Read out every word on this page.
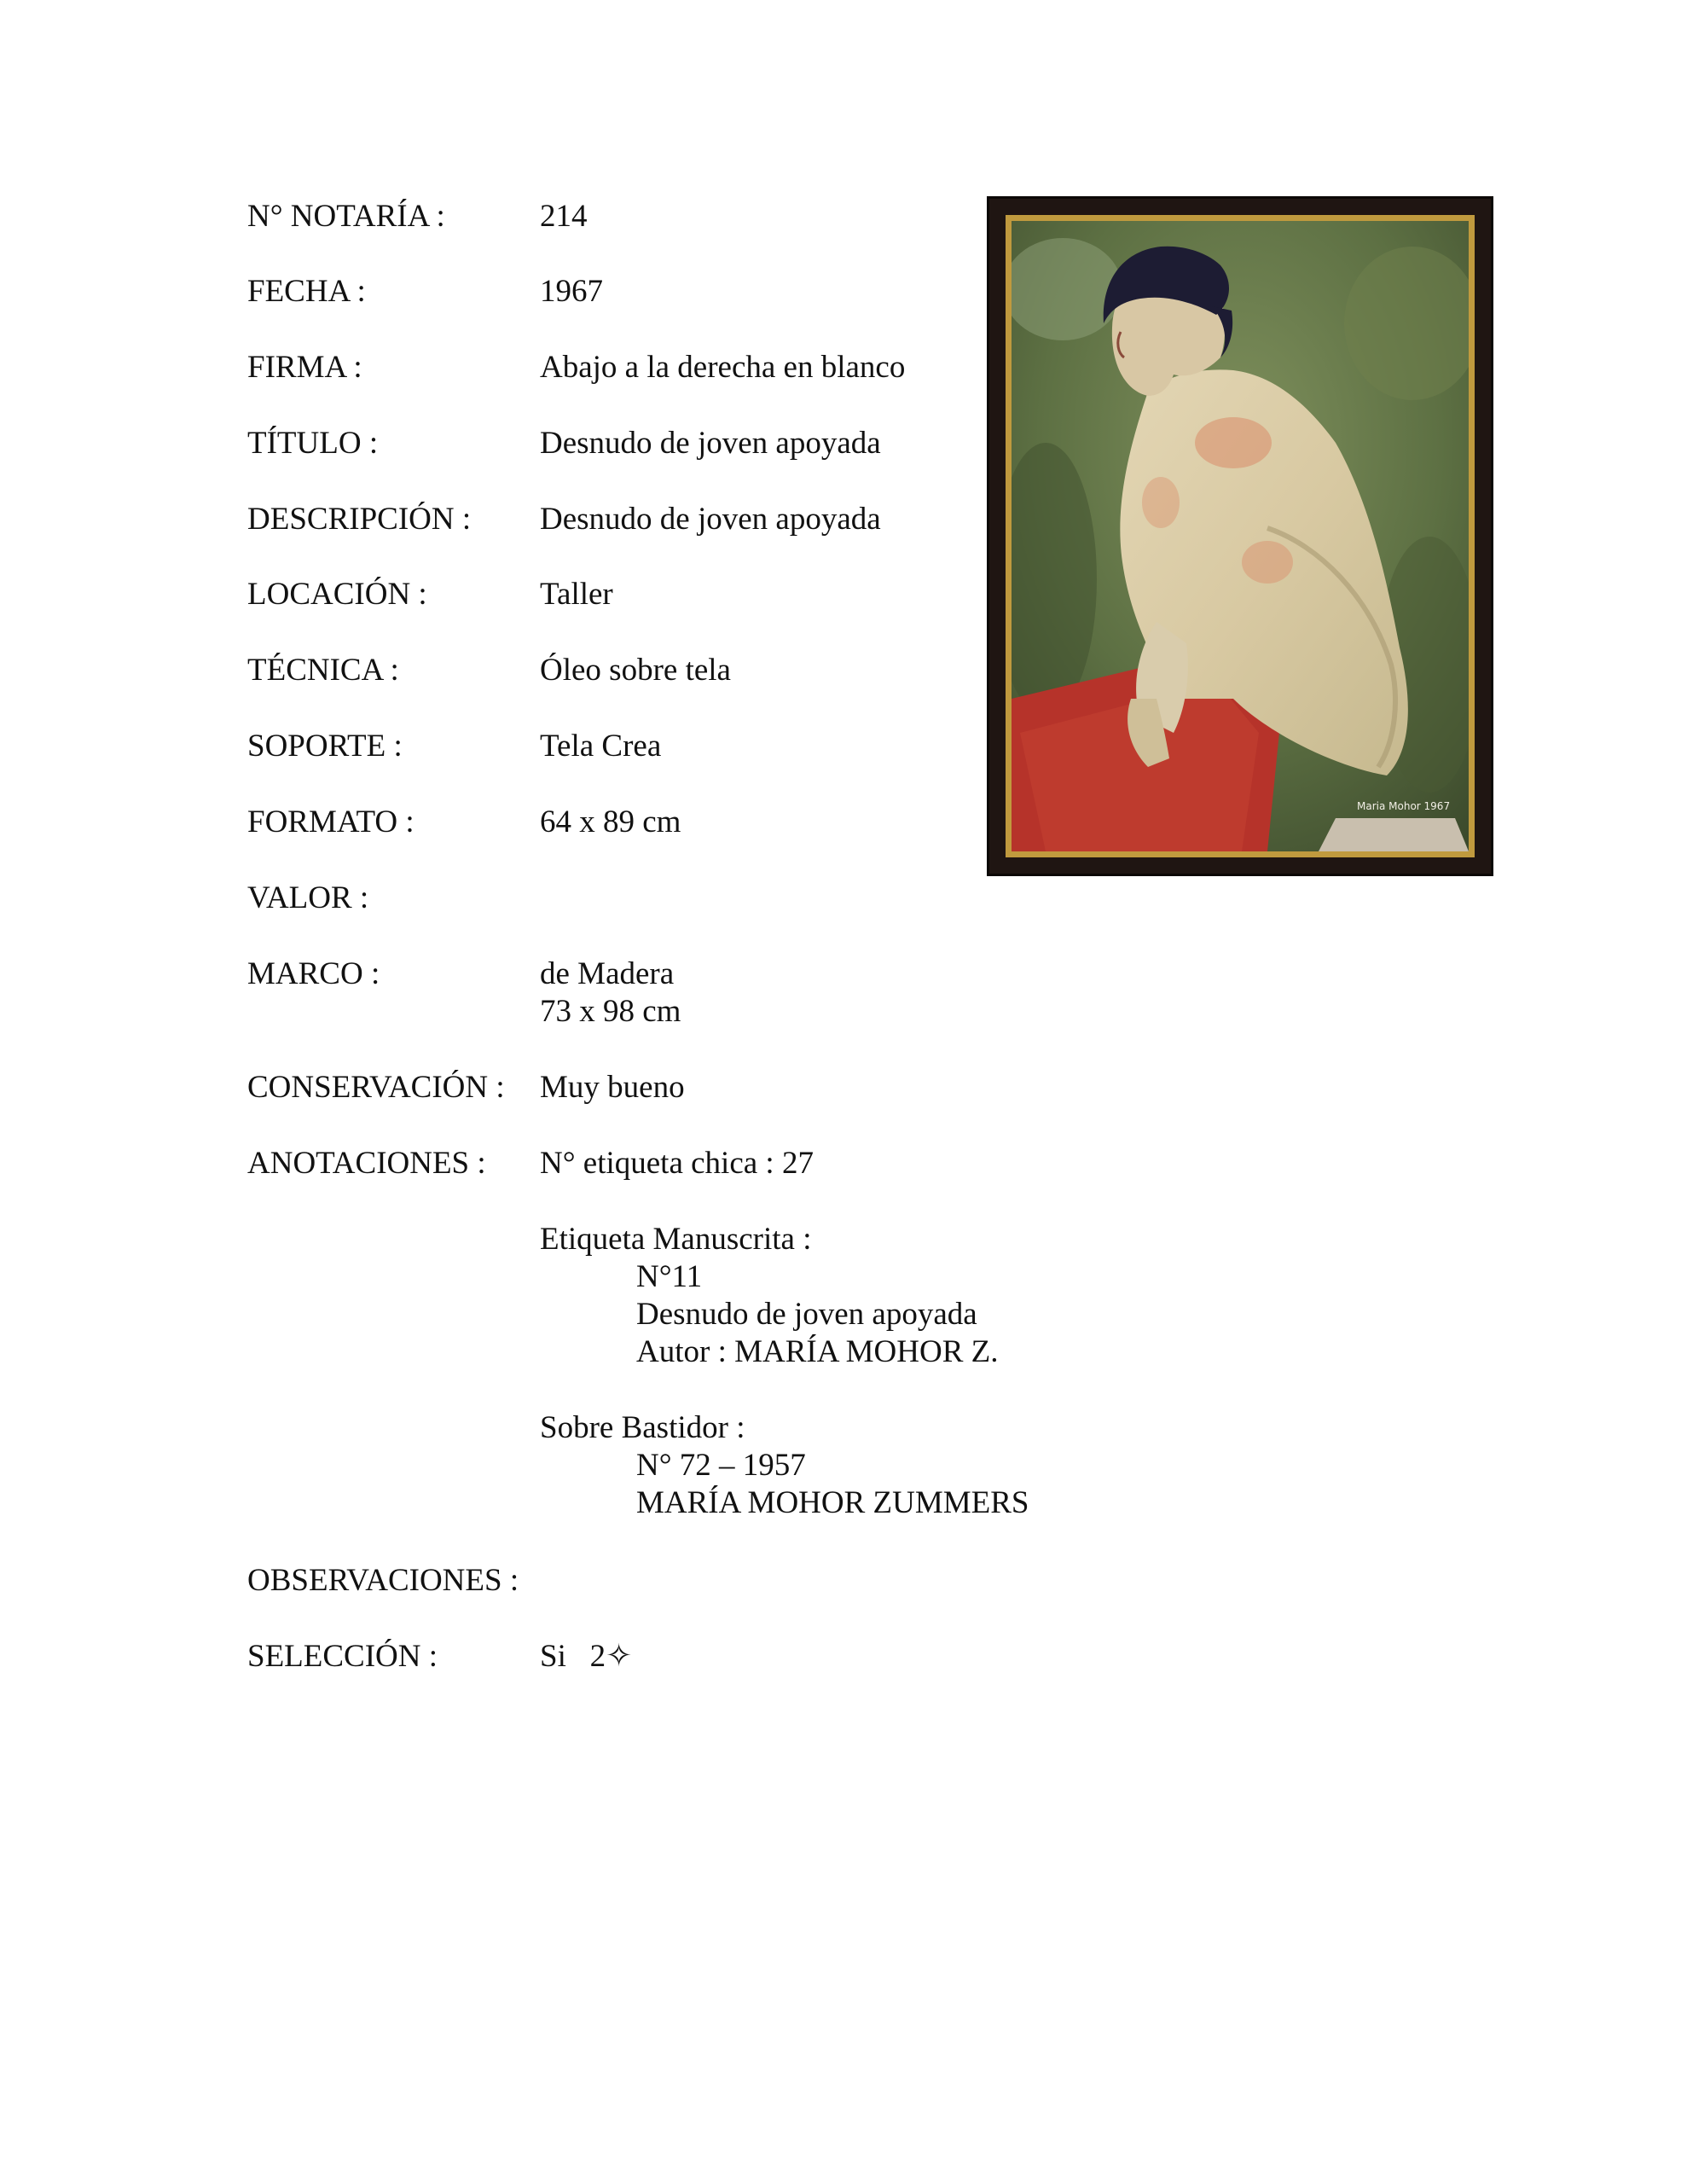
N° NOTARÍA :	214
FECHA :	1967
FIRMA :	Abajo a la derecha en blanco
TÍTULO :	Desnudo de joven apoyada
DESCRIPCIÓN : Desnudo de joven apoyada
LOCACIÓN :	Taller
TÉCNICA :	Óleo sobre tela
SOPORTE :	Tela Crea
FORMATO :	64 x 89 cm
VALOR :
MARCO :	de Madera
73 x 98 cm
CONSERVACIÓN : Muy bueno
ANOTACIONES : N° etiqueta chica : 27
Etiqueta Manuscrita :
N°11
Desnudo de joven apoyada
Autor : MARÍA MOHOR Z.
Sobre Bastidor :
N° 72 – 1957
MARÍA MOHOR ZUMMERS
OBSERVACIONES :
SELECCIÓN :	Si   2✧
Maria Mohor 1967
